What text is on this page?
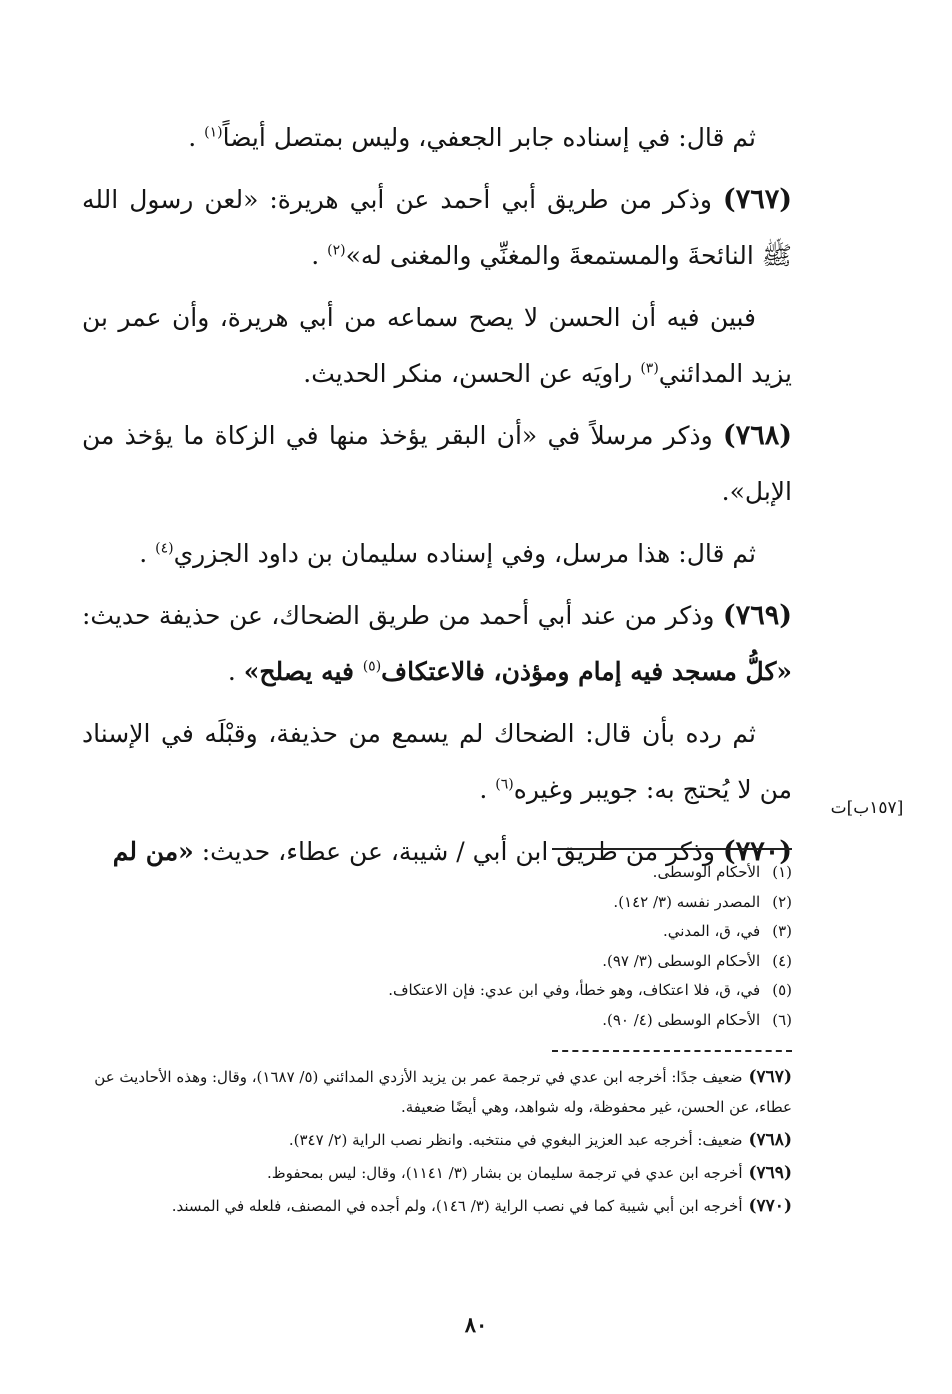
ثم قال: في إسناده جابر الجعفي، وليس بمتصل أيضاً$^{(١)}$ .

(٧٦٧) وذكر من طريق أبي أحمد عن أبي هريرة: «لعن رسول الله ﷺ النائحةَ والمستمعةَ والمغنِّي والمغنى له»$^{(٢)}$ .

فبين فيه أن الحسن لا يصح سماعه من أبي هريرة، وأن عمر بن يزيد المدائني$^{(٣)}$ راويَه عن الحسن، منكر الحديث.

(٧٦٨) وذكر مرسلاً في «أن البقر يؤخذ منها في الزكاة ما يؤخذ من الإبل».

ثم قال: هذا مرسل، وفي إسناده سليمان بن داود الجزري$^{(٤)}$ .

(٧٦٩) وذكر من عند أبي أحمد من طريق الضحاك، عن حذيفة حديث: «كلُّ مسجد فيه إمام ومؤذن، فالاعتكاف$^{(٥)}$ فيه يصلح» .

ثم رده بأن قال: الضحاك لم يسمع من حذيفة، وقبْلَه في الإسناد من لا يُحتج به: جويبر وغيره$^{(٦)}$ .

(٧٧٠) وذكر من طريق ابن أبي / شيبة، عن عطاء، حديث: «من لم

[١٥٧ب]ت
(١)الأحكام الوسطى.
(٢)المصدر نفسه (٣/ ١٤٢).
(٣)في، ق، المدني.
(٤)الأحكام الوسطى (٣/ ٩٧).
(٥)في، ق، فلا اعتكاف، وهو خطأ، وفي ابن عدي: فإن الاعتكاف.
(٦)الأحكام الوسطى (٤/ ٩٠).
(٧٦٧)ضعيف جدًا: أخرجه ابن عدي في ترجمة عمر بن يزيد الأزدي المدائني (٥/ ١٦٨٧)، وقال: وهذه الأحاديث عن عطاء، عن الحسن، غير محفوظة، وله شواهد، وهي أيضًا ضعيفة.
(٧٦٨)ضعيف: أخرجه عبد العزيز البغوي في منتخبه. وانظر نصب الراية (٢/ ٣٤٧).
(٧٦٩)أخرجه ابن عدي في ترجمة سليمان بن بشار (٣/ ١١٤١)، وقال: ليس بمحفوظ.
(٧٧٠)أخرجه ابن أبي شيبة كما في نصب الراية (٣/ ١٤٦)، ولم أجده في المصنف، فلعله في المسند.
٨٠
